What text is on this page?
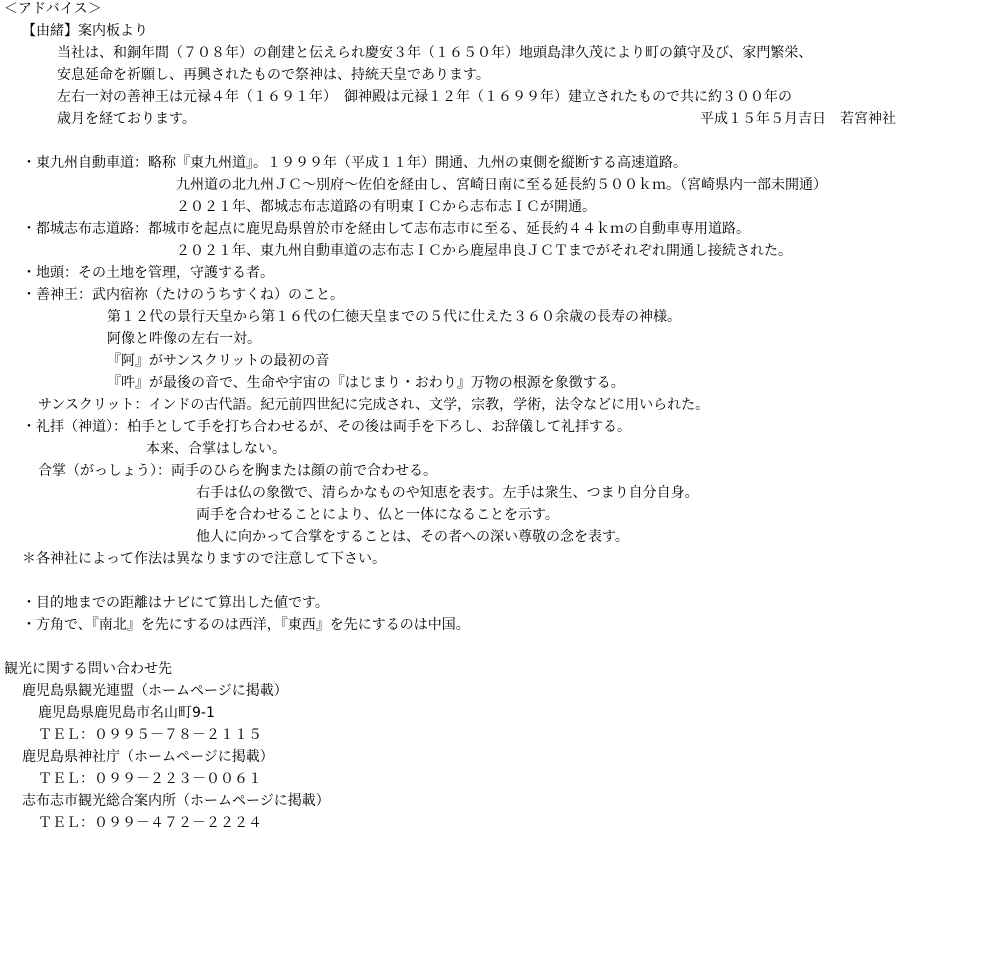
＜アドバイス＞
【由緒】案内板より
当社は、和銅年間（７０８年）の創建と伝えられ慶安３年（１６５０年）地頭島津久茂により町の鎮守及び、家門繁栄、
安息延命を祈願し、再興されたもので祭神は、持統天皇であります。
左右一対の善神王は元禄４年（１６９１年）　御神殿は元禄１２年（１６９９年）建立されたもので共に約３００年の
歳月を経ております。	平成１５年５月吉日　若宮神社
・東九州自動車道：略称『東九州道』。１９９９年（平成１１年）開通、九州の東側を縦断する高速道路。
九州道の北九州ＪＣ～別府～佐伯を経由し、宮崎日南に至る延長約５００ｋｍ。（宮崎県内一部未開通）
２０２１年、都城志布志道路の有明東ＩＣから志布志ＩＣが開通。
・都城志布志道路：都城市を起点に鹿児島県曽於市を経由して志布志市に至る、延長約４４ｋｍの自動車専用道路。
２０２１年、東九州自動車道の志布志ＩＣから鹿屋串良ＪＣＴまでがそれぞれ開通し接続された。
・地頭：その土地を管理，守護する者。
・善神王：武内宿祢（たけのうちすくね）のこと。
第１２代の景行天皇から第１６代の仁徳天皇までの５代に仕えた３６０余歳の長寿の神様。
阿像と吽像の左右一対。
『阿』がサンスクリットの最初の音
『吽』が最後の音で、生命や宇宙の『はじまり・おわり』万物の根源を象徴する。
サンスクリット：インドの古代語。紀元前四世紀に完成され、文学，宗教，学術，法令などに用いられた。
・礼拝（神道）：柏手として手を打ち合わせるが、その後は両手を下ろし、お辞儀して礼拝する。
本来、合掌はしない。
合掌（がっしょう）：両手のひらを胸または顔の前で合わせる。
右手は仏の象徴で、清らかなものや知恵を表す。左手は衆生、つまり自分自身。
両手を合わせることにより、仏と一体になることを示す。
他人に向かって合掌をすることは、その者への深い尊敬の念を表す。
＊各神社によって作法は異なりますので注意して下さい。
・目的地までの距離はナビにて算出した値です。
・方角で、『南北』を先にするのは西洋，『東西』を先にするのは中国。
観光に関する問い合わせ先
鹿児島県観光連盟（ホームページに掲載）
鹿児島県鹿児島市名山町9-1
ＴＥＬ：０９９５－７８－２１１５
鹿児島県神社庁（ホームページに掲載）
ＴＥＬ：０９９－２２３－００６１
志布志市観光総合案内所（ホームページに掲載）
ＴＥＬ：０９９－４７２－２２２４
